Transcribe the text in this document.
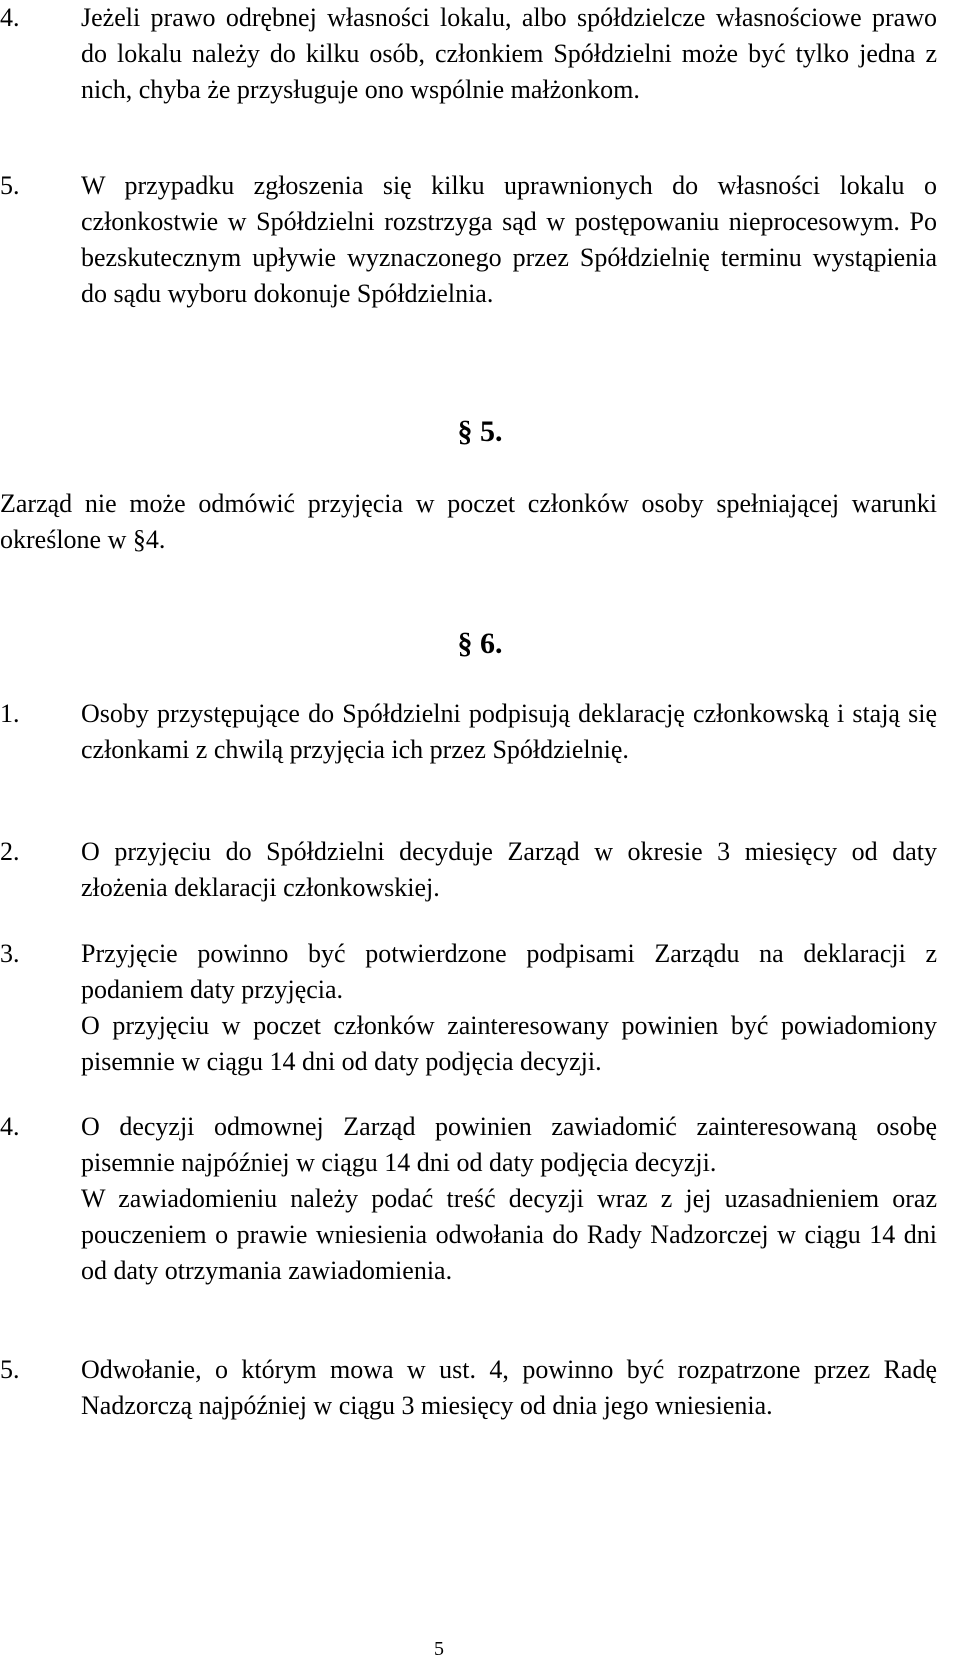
4. Jeżeli prawo odrębnej własności lokalu, albo spółdzielcze własnościowe prawo do lokalu należy do kilku osób, członkiem Spółdzielni może być tylko jedna z nich, chyba że przysługuje ono wspólnie małżonkom.

5. W przypadku zgłoszenia się kilku uprawnionych do własności lokalu o członkostwie w Spółdzielni rozstrzyga sąd w postępowaniu nieprocesowym. Po bezskutecznym upływie wyznaczonego przez Spółdzielnię terminu wystąpienia do sądu wyboru dokonuje Spółdzielnia.

§ 5.
Zarząd nie może odmówić przyjęcia w poczet członków osoby spełniającej warunki określone w §4.
§ 6.
1. Osoby przystępujące do Spółdzielni podpisują deklarację członkowską i stają się członkami z chwilą przyjęcia ich przez Spółdzielnię.

2. O przyjęciu do Spółdzielni decyduje Zarząd w okresie 3 miesięcy od daty złożenia deklaracji członkowskiej.

3. Przyjęcie powinno być potwierdzone podpisami Zarządu na deklaracji z podaniem daty przyjęcia.

O przyjęciu w poczet członków zainteresowany powinien być powiadomiony pisemnie w ciągu 14 dni od daty podjęcia decyzji.

4. O decyzji odmownej Zarząd powinien zawiadomić zainteresowaną osobę pisemnie najpóźniej w ciągu 14 dni od daty podjęcia decyzji.

W zawiadomieniu należy podać treść decyzji wraz z jej uzasadnieniem oraz pouczeniem o prawie wniesienia odwołania do Rady Nadzorczej w ciągu 14 dni od daty otrzymania zawiadomienia.

5. Odwołanie, o którym mowa w ust. 4, powinno być rozpatrzone przez Radę Nadzorczą najpóźniej w ciągu 3 miesięcy od dnia jego wniesienia.

5
